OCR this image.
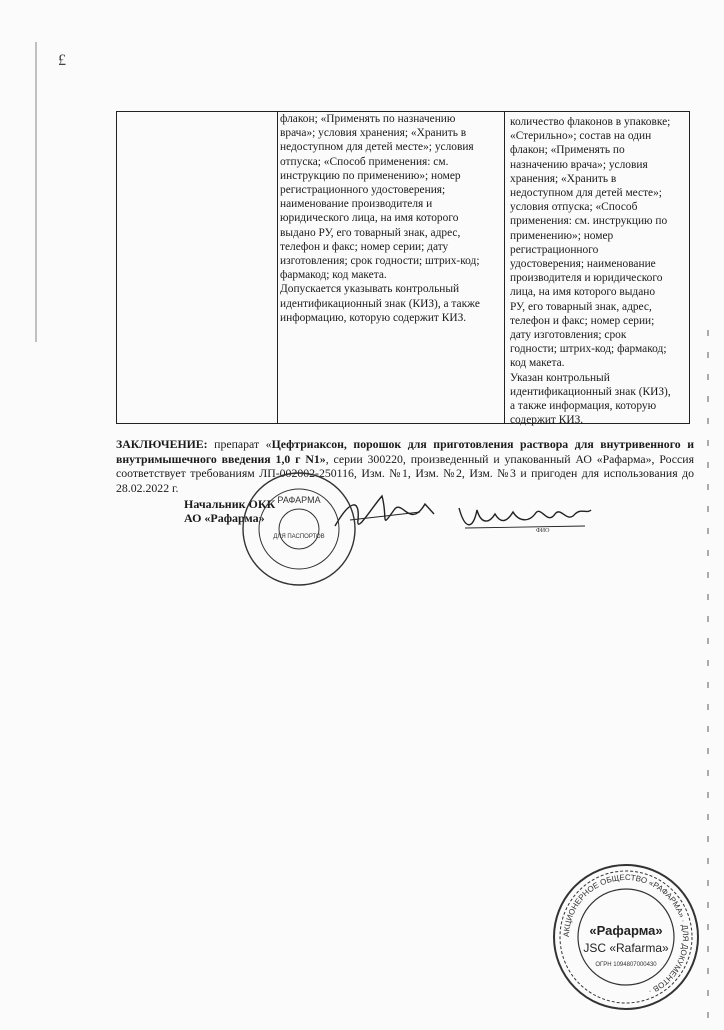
£

флакон; «Применять по назначению

врача»; условия хранения; «Хранить в

недоступном для детей месте»; условия

отпуска; «Способ применения: см.

инструкцию по применению»; номер

регистрационного удостоверения;

наименование производителя и

юридического лица, на имя которого

выдано РУ, его товарный знак, адрес,

телефон и факс; номер серии; дату

изготовления; срок годности; штрих-код;

фармакод; код макета.

Допускается указывать контрольный

идентификационный знак (КИЗ), а также

информацию, которую содержит КИЗ.

количество флаконов в упаковке;

«Стерильно»; состав на один

флакон; «Применять по

назначению врача»; условия

хранения; «Хранить в

недоступном для детей месте»;

условия отпуска; «Способ

применения: см. инструкцию по

применению»; номер

регистрационного

удостоверения; наименование

производителя и юридического

лица, на имя которого выдано

РУ, его товарный знак, адрес,

телефон и факс; номер серии;

дату изготовления; срок

годности; штрих-код; фармакод;

код макета.

Указан контрольный

идентификационный знак (КИЗ),

а также информация, которую

содержит КИЗ.

ЗАКЛЮЧЕНИЕ: препарат «Цефтриаксон, порошок для приготовления раствора для внутривенного и внутримышечного введения 1,0 г N1», серии 300220, произведенный и упакованный АО «Рафарма», Россия соответствует требованиям ЛП-002002-250116, Изм. №1, Изм. №2, Изм. №3 и пригоден для использования до 28.02.2022 г.
Начальник ОКК
АО «Рафарма»
ФИО
РАФАРМА
ДЛЯ ПАСПОРТОВ
АКЦИОНЕРНОЕ ОБЩЕСТВО «РАФАРМА» · ДЛЯ ДОКУМЕНТОВ ·
«Рафарма»
JSC «Rafarma»
ОГРН 1094807000430
